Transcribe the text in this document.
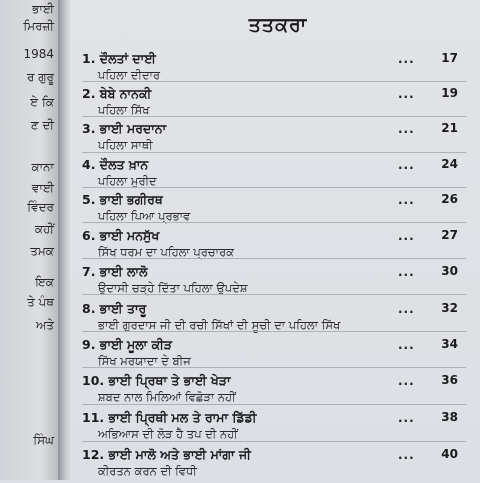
ਭਾਈ
ਮਿਰਜ਼ੀ
1984
ਰ ਗੁਰੂ
ਏ ਕਿ
ਣ ਦੀ
ਕਾਨਾ
ਵਾਈ
ਵਿੰਦਰ
ਕਹੀਂ
ਤਮਕ
ਇਕ
ਤੇ ਪੰਥ
ਅਤੇ
ਸਿੰਘ
ਤਤਕਰਾ
1. ਦੌਲਤਾਂ ਦਾਈ
ਪਹਿਲਾ ਦੀਦਾਰ
... 17
2. ਬੇਬੇ ਨਾਨਕੀ
ਪਹਿਲਾ ਸਿੱਖ
... 19
3. ਭਾਈ ਮਰਦਾਨਾ
ਪਹਿਲਾ ਸਾਥੀ
... 21
4. ਦੌਲਤ ਖ਼ਾਨ
ਪਹਿਲਾ ਮੁਰੀਦ
... 24
5. ਭਾਈ ਭਗੀਰਥ
ਪਹਿਲਾ ਪਿਆ ਪ੍ਰਭਾਵ
... 26
6. ਭਾਈ ਮਨਸੁੱਖ
ਸਿੱਖ ਧਰਮ ਦਾ ਪਹਿਲਾ ਪ੍ਰਚਾਰਕ
... 27
7. ਭਾਈ ਲਾਲੋ
ਉਦਾਸੀ ਚੜ੍ਹੇ ਦਿੱਤਾ ਪਹਿਲਾ ਉਪਦੇਸ਼
... 30
8. ਭਾਈ ਤਾਰੂ
ਭਾਈ ਗੁਰਦਾਸ ਜੀ ਦੀ ਰਚੀ ਸਿੱਖਾਂ ਦੀ ਸੂਚੀ ਦਾ ਪਹਿਲਾ ਸਿੱਖ
... 32
9. ਭਾਈ ਮੂਲਾ ਕੀੜ
ਸਿੱਖ ਮਰਯਾਦਾ ਦੇ ਬੀਜ
... 34
10. ਭਾਈ ਪ੍ਰਿਥਾ ਤੇ ਭਾਈ ਖੇੜਾ
ਸ਼ਬਦ ਨਾਲ ਮਿਲਿਆਂ ਵਿਛੋੜਾ ਨਹੀਂ
... 36
11. ਭਾਈ ਪ੍ਰਿਥੀ ਮਲ ਤੇ ਰਾਮਾ ਡਿੱਡੀ
ਅਭਿਆਸ ਦੀ ਲੋੜ ਹੈ ਤਪ ਦੀ ਨਹੀਂ
... 38
12. ਭਾਈ ਮਾਲੋ ਅਤੇ ਭਾਈ ਮਾਂਗਾ ਜੀ
ਕੀਰਤਨ ਕਰਨ ਦੀ ਵਿਧੀ
... 40
